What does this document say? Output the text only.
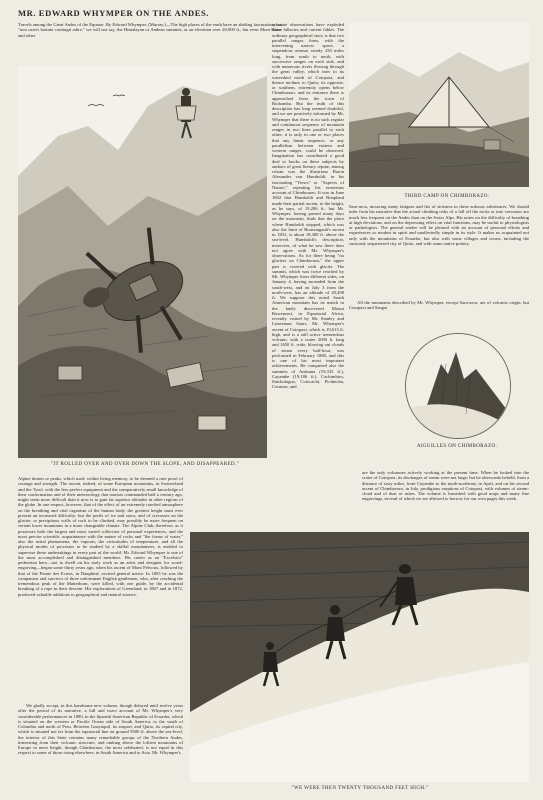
MR. EDWARD WHYMPER ON THE ANDES.

Travels among the Great Andes of the Equator. By Edward Whymper. (Murray.)—The high places of the earth have an abiding fascination; but "non cuivis homini contingit adire," we will not say, the Himalayan or Andean summits, at an elevation over 20,000 ft., but even Mont Blanc and other

"IT ROLLED OVER AND OVER DOWN THE SLOPE, AND DISAPPEARED."

accurate observations have exploded some fallacies and current fables. The ordinary geographical story is that two parallel ranges form, with the intervening narrow space, a stupendous avenue, nearly 250 miles long, from south to north, with successive ranges on each side, and with numerous rivers flowing through the great valley, which rises to its watershed north of Cotopaxi, and thence inclines to Quito; its opposite, or southern, extremity opens below Chimborazo, and its entrance there is approached from the town of Riobamba. But the truth of this description has long seemed doubtful, and we are positively informed by Mr. Whymper that there is no such regular and continuous sequence of mountain ranges in two lines parallel to each other; it is only in one or two places that any linear sequence, or any parallelism between eastern and western ranges, could be observed. Imagination has contributed a good deal to books on these subjects by authors of great literary repute, among whom was the illustrious Baron Alexander von Humboldt, in his fascinating "Views" or "Aspects of Nature," repeating his erroneous account of Chimborazo. It was in June 1802 that Humboldt and Bonpland made their partial ascent, to the height, as he says, of 19,286 ft.; but Mr. Whymper, having passed many days on the mountain, finds that the place where Humboldt stopped, which was also the limit of Boussingault's ascent in 1831, is about 18,400 ft. above the sea-level. Humboldt's description, moreover, of what he saw there does not agree with Mr. Whymper's observations. As for there being "no glaciers on Chimborazo," the upper part is covered with glacier. The summit, which was twice reached by Mr. Whymper from different sides, on January 4, having ascended from the south-west, and on July 3 from the north-west, has an altitude of 20,498 ft. We suppose this noted South American mountain has its match in the lately discovered Mount Ruwenzori, in Equatorial Africa, recently visited by Mr. Stanley and Lieutenant Stairs. Mr. Whymper's ascent of Cotopaxi, which is 19,613 ft. high, and is a still active tremendous volcano, with a crater 2000 ft. long and 1650 ft. wide, blowing out clouds of steam every half-hour, was performed in February 1880, and this is one of his most important achievements. He conquered also the summits of Antisana (19,335 ft.), Cayambe (19,186 ft.), Cachimbiro, Sincholagua, Cotocachi, Pichincha, Corazon, and

THIRD CAMP ON CHIMBORAZO.

Sara-urcu, incurring many fatigues and fits of sickness in these arduous adventures. We should infer from his narrative that the actual climbing risks of a fall off the rocks or into crevasses are much less frequent on the Andes than on the Swiss Alps. His notes on the difficulty of breathing at high elevations, and on the depressing effect on vital functions, may be useful to physiologists or pathologists. The general reader will be pleased with an account of personal efforts and experiences so modest in spirit and unaffectedly simple in its style. It makes us acquainted not only with the mountains of Ecuador, but also with some villages and towns, including the curiously sequestered city of Quito, and with some native pottery.

All the mountains described by Mr. Whymper, except Sara-urcu, are of volcanic origin; but Cotopaxi and Sangai

AIGUILLES ON CHIMBORAZO.

Alpine domes or peaks, which used, within living memory, to be deemed a rare proof of courage and strength. The ascent, indeed, of some European mountains, in Switzerland and the Tyrol, with the less perfect equipment and the comparatively small knowledge of their conformation and of their meteorology that tourists commanded half a century ago, might seem more difficult than it now is to gain far superior altitudes in other regions of the globe. In one respect, however, that of the effect of an extremely rarefied atmosphere on the breathing and vital organism of the human body, the greatest height must ever present an increased difficulty; but the perils of ice and snow, and of crevasses on the glacier, or precipitous walls of rock to be climbed, may possibly be more frequent on certain lower mountains in a more changeable climate. The Alpine Club, therefore, as it possesses both the largest and most varied collection of personal experiences, and the most precise scientific acquaintance with the nature of rocks and "the forms of water," also the aerial phenomena, the vapours, the vicissitudes of temperature, and all the physical modes of processes to be studied by a skilful mountaineer, is entitled to supervise these undertakings in every part of the world. Mr. Edward Whymper is one of the most accomplished and distinguished members. His career as an "Excelsior" pedestrian hero—not to dwell on his early work as an artist and designer for wood-engraving—began some thirty years ago, when his ascent of Mont Pelvoux, followed by that of the Pointe des Ecrins, in Dauphiné, excited general notice. In 1865 he was the companion and survivor of three unfortunate English gentlemen, who, after reaching the tremendous peak of the Matterhorn, were killed, with one guide, by the accidental breaking of a rope in their descent. His explorations of Greenland, in 1867 and in 1872, produced valuable additions to geographical and natural science.

We gladly accept, in this handsome new volume, though delayed until twelve years after the period of its narrative, a full and exact account of Mr. Whymper's very considerable performances in 1880, in the Spanish American Republic of Ecuador, which is situated on the western or Pacific Ocean side of South America, to the south of Colombia and north of Peru. Between Guayaquil, its seaport, and Quito, its capital city, which is situated not far from the equatorial line on ground 9500 ft. above the sea-level, the interior of this State contains many remarkable groups of the Northern Andes, interesting from their volcanic structure, and ranking above the loftiest mountains of Europe in mere height, though Chimborazo, the most celebrated, is not equal in this respect to some of those rising elsewhere, in South America and to Asia. Mr. Whymper's

are the only volcanoes actively working at the present time. When he looked into the crater of Cotopaxi, its discharges of steam were not large; but he afterwards beheld, from a distance of sixty miles, from Cayambe to the north-northeast, in April, and on his second ascent of Chimborazo, in July, prodigious eruptions of Cotopaxi, with volumes of steam-cloud and of dust or ashes. The volume is furnished with good maps and many fine engravings, several of which we are allowed to borrow for our own pages this week.

"WE WERE THEN TWENTY THOUSAND FEET HIGH."
